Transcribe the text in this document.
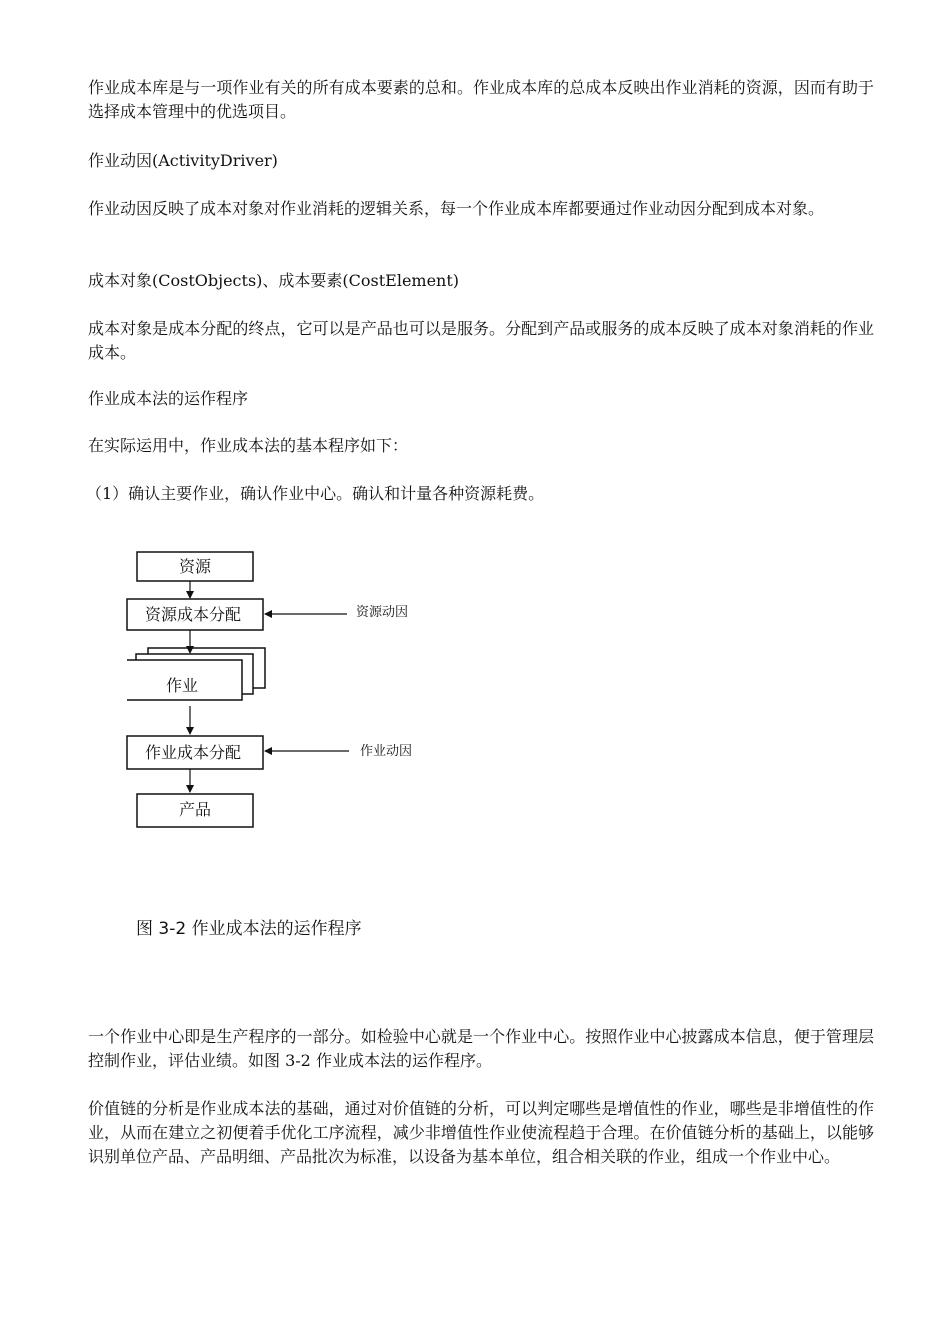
作业成本库是与一项作业有关的所有成本要素的总和。作业成本库的总成本反映出作业消耗的资源，因而有助于选择成本管理中的优选项目。

作业动因(ActivityDriver)

作业动因反映了成本对象对作业消耗的逻辑关系，每一个作业成本库都要通过作业动因分配到成本对象。

成本对象(CostObjects)、成本要素(CostElement)

成本对象是成本分配的终点，它可以是产品也可以是服务。分配到产品或服务的成本反映了成本对象消耗的作业成本。

作业成本法的运作程序

在实际运用中，作业成本法的基本程序如下：

（1）确认主要作业，确认作业中心。确认和计量各种资源耗费。

资源
资源成本分配	资源动因
作业
作业成本分配	作业动因
产品
图 3-2 作业成本法的运作程序

一个作业中心即是生产程序的一部分。如检验中心就是一个作业中心。按照作业中心披露成本信息，便于管理层控制作业，评估业绩。如图 3-2 作业成本法的运作程序。

价值链的分析是作业成本法的基础，通过对价值链的分析，可以判定哪些是增值性的作业，哪些是非增值性的作业，从而在建立之初便着手优化工序流程，减少非增值性作业使流程趋于合理。在价值链分析的基础上，以能够识别单位产品、产品明细、产品批次为标准，以设备为基本单位，组合相关联的作业，组成一个作业中心。
